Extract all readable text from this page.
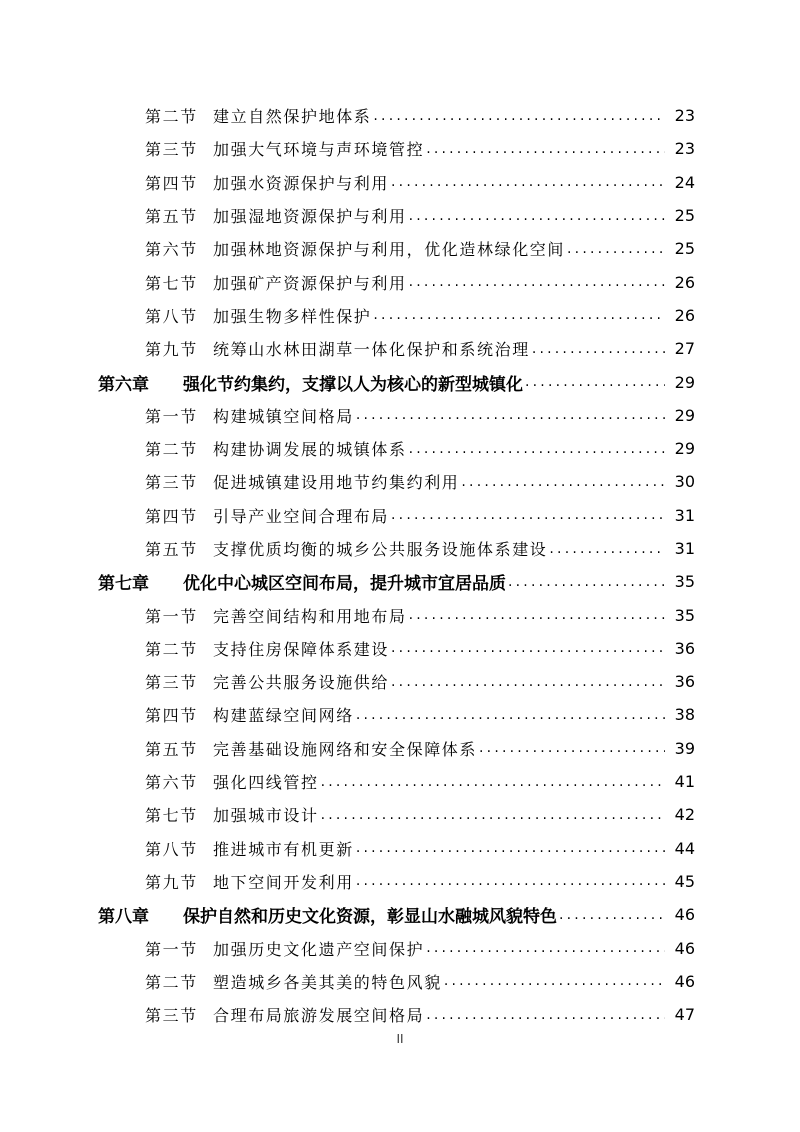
第二节 建立自然保护地体系 .....	23
第三节 加强大气环境与声环境管控 .....	23
第四节 加强水资源保护与利用 .....	24
第五节 加强湿地资源保护与利用 .....	25
第六节 加强林地资源保护与利用，优化造林绿化空间 .....	25
第七节 加强矿产资源保护与利用 .....	26
第八节 加强生物多样性保护 .....	26
第九节 统筹山水林田湖草一体化保护和系统治理 .....	27
第六章	强化节约集约，支撑以人为核心的新型城镇化 .....	29
第一节 构建城镇空间格局 .....	29
第二节 构建协调发展的城镇体系 .....	29
第三节 促进城镇建设用地节约集约利用 .....	30
第四节 引导产业空间合理布局 .....	31
第五节 支撑优质均衡的城乡公共服务设施体系建设 .....	31
第七章	优化中心城区空间布局，提升城市宜居品质 .....	35
第一节 完善空间结构和用地布局 .....	35
第二节 支持住房保障体系建设 .....	36
第三节 完善公共服务设施供给 .....	36
第四节 构建蓝绿空间网络 .....	38
第五节 完善基础设施网络和安全保障体系 .....	39
第六节 强化四线管控 .....	41
第七节 加强城市设计 .....	42
第八节 推进城市有机更新 .....	44
第九节 地下空间开发利用 .....	45
第八章	保护自然和历史文化资源，彰显山水融城风貌特色 .....	46
第一节 加强历史文化遗产空间保护 .....	46
第二节 塑造城乡各美其美的特色风貌 .....	46
第三节 合理布局旅游发展空间格局 .....	47
II
